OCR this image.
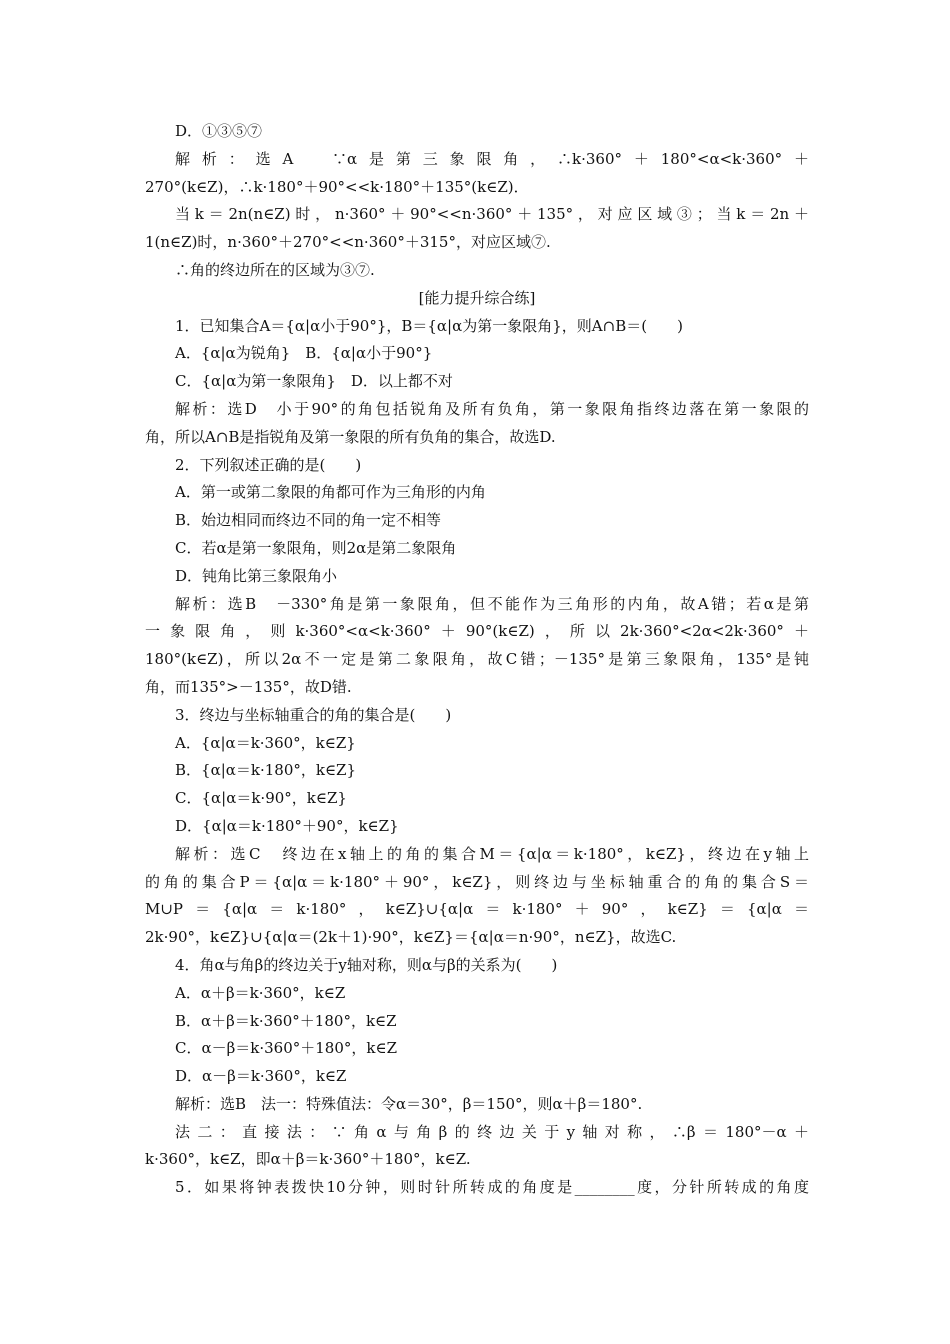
D．①③⑤⑦
解析：选A　∵α是第三象限角，∴k·360°＋180°<α<k·360°＋
270°(k∈Z)，∴k·180°＋90°<<k·180°＋135°(k∈Z)．
当k＝2n(n∈Z)时，n·360°＋90°<<n·360°＋135°，对应区域③；当k＝2n＋
1(n∈Z)时，n·360°＋270°<<n·360°＋315°，对应区域⑦.
∴角的终边所在的区域为③⑦.
[能力提升综合练]
1．已知集合A＝{α|α小于90°}，B＝{α|α为第一象限角}，则A∩B＝(　　)
A．{α|α为锐角}　B．{α|α小于90°}
C．{α|α为第一象限角}　D．以上都不对
解析：选D　小于90°的角包括锐角及所有负角，第一象限角指终边落在第一象限的
角，所以A∩B是指锐角及第一象限的所有负角的集合，故选D.
2．下列叙述正确的是(　　)
A．第一或第二象限的角都可作为三角形的内角
B．始边相同而终边不同的角一定不相等
C．若α是第一象限角，则2α是第二象限角
D．钝角比第三象限角小
解析：选B　－330°角是第一象限角，但不能作为三角形的内角，故A错；若α是第
一象限角，则k·360°<α<k·360°＋90°(k∈Z)，所以2k·360°<2α<2k·360°＋
180°(k∈Z)，所以2α不一定是第二象限角，故C错；－135°是第三象限角，135°是钝
角，而135°>－135°，故D错.
3．终边与坐标轴重合的角的集合是(　　)
A．{α|α＝k·360°，k∈Z}
B．{α|α＝k·180°，k∈Z}
C．{α|α＝k·90°，k∈Z}
D．{α|α＝k·180°＋90°，k∈Z}
解析：选C　终边在x轴上的角的集合M＝{α|α＝k·180°，k∈Z}，终边在y轴上
的角的集合P＝{α|α＝k·180°＋90°，k∈Z}，则终边与坐标轴重合的角的集合S＝
M∪P＝{α|α＝k·180°，k∈Z}∪{α|α＝k·180°＋90°，k∈Z}＝{α|α＝
2k·90°，k∈Z}∪{α|α＝(2k＋1)·90°，k∈Z}＝{α|α＝n·90°，n∈Z}，故选C.
4．角α与角β的终边关于y轴对称，则α与β的关系为(　　)
A．α＋β＝k·360°，k∈Z
B．α＋β＝k·360°＋180°，k∈Z
C．α－β＝k·360°＋180°，k∈Z
D．α－β＝k·360°，k∈Z
解析：选B　法一：特殊值法：令α＝30°，β＝150°，则α＋β＝180°.
法二：直接法：∵角α与角β的终边关于y轴对称，∴β＝180°－α＋
k·360°，k∈Z，即α＋β＝k·360°＋180°，k∈Z.
5．如果将钟表拨快10分钟，则时针所转成的角度是________度，分针所转成的角度
